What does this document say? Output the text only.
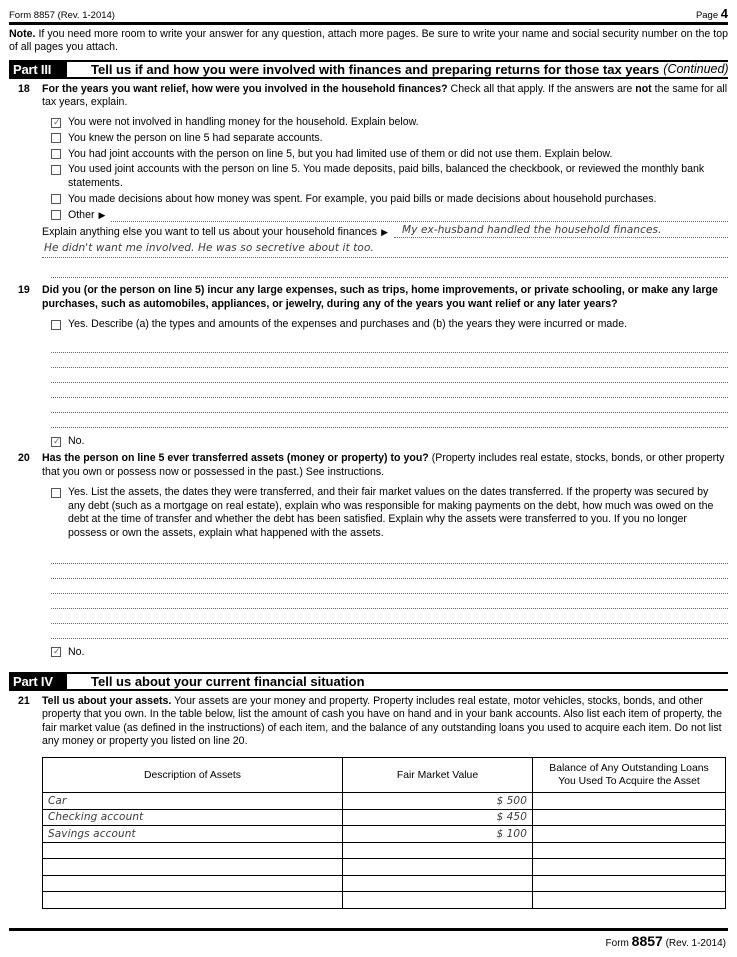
Form 8857 (Rev. 1-2014)	Page 4
Note. If you need more room to write your answer for any question, attach more pages. Be sure to write your name and social security number on the top of all pages you attach.
Part III	Tell us if and how you were involved with finances and preparing returns for those tax years (Continued)
18	For the years you want relief, how were you involved in the household finances? Check all that apply. If the answers are not the same for all tax years, explain.
✓
You were not involved in handling money for the household. Explain below.
You knew the person on line 5 had separate accounts.
You had joint accounts with the person on line 5, but you had limited use of them or did not use them. Explain below.
You used joint accounts with the person on line 5. You made deposits, paid bills, balanced the checkbook, or reviewed the monthly bank statements.
You made decisions about how money was spent. For example, you paid bills or made decisions about household purchases.
Other ▶
Explain anything else you want to tell us about your household finances ▶	My ex-husband handled the household finances.
He didn't want me involved. He was so secretive about it too.
19	Did you (or the person on line 5) incur any large expenses, such as trips, home improvements, or private schooling, or make any large purchases, such as automobiles, appliances, or jewelry, during any of the years you want relief or any later years?
Yes. Describe (a) the types and amounts of the expenses and purchases and (b) the years they were incurred or made.
✓
No.
20	Has the person on line 5 ever transferred assets (money or property) to you? (Property includes real estate, stocks, bonds, or other property that you own or possess now or possessed in the past.) See instructions.
Yes. List the assets, the dates they were transferred, and their fair market values on the dates transferred. If the property was secured by any debt (such as a mortgage on real estate), explain who was responsible for making payments on the debt, how much was owed on the debt at the time of transfer and whether the debt has been satisfied. Explain why the assets were transferred to you. If you no longer possess or own the assets, explain what happened with the assets.
✓
No.
Part IV	Tell us about your current financial situation
21	Tell us about your assets. Your assets are your money and property. Property includes real estate, motor vehicles, stocks, bonds, and other property that you own. In the table below, list the amount of cash you have on hand and in your bank accounts. Also list each item of property, the fair market value (as defined in the instructions) of each item, and the balance of any outstanding loans you used to acquire each item. Do not list any money or property you listed on line 20.
Description of Assets	Fair Market Value	Balance of Any Outstanding Loans
You Used To Acquire the Asset
Car	$ 500	
Checking account	$ 450	
Savings account	$ 100	

Form 8857 (Rev. 1-2014)
